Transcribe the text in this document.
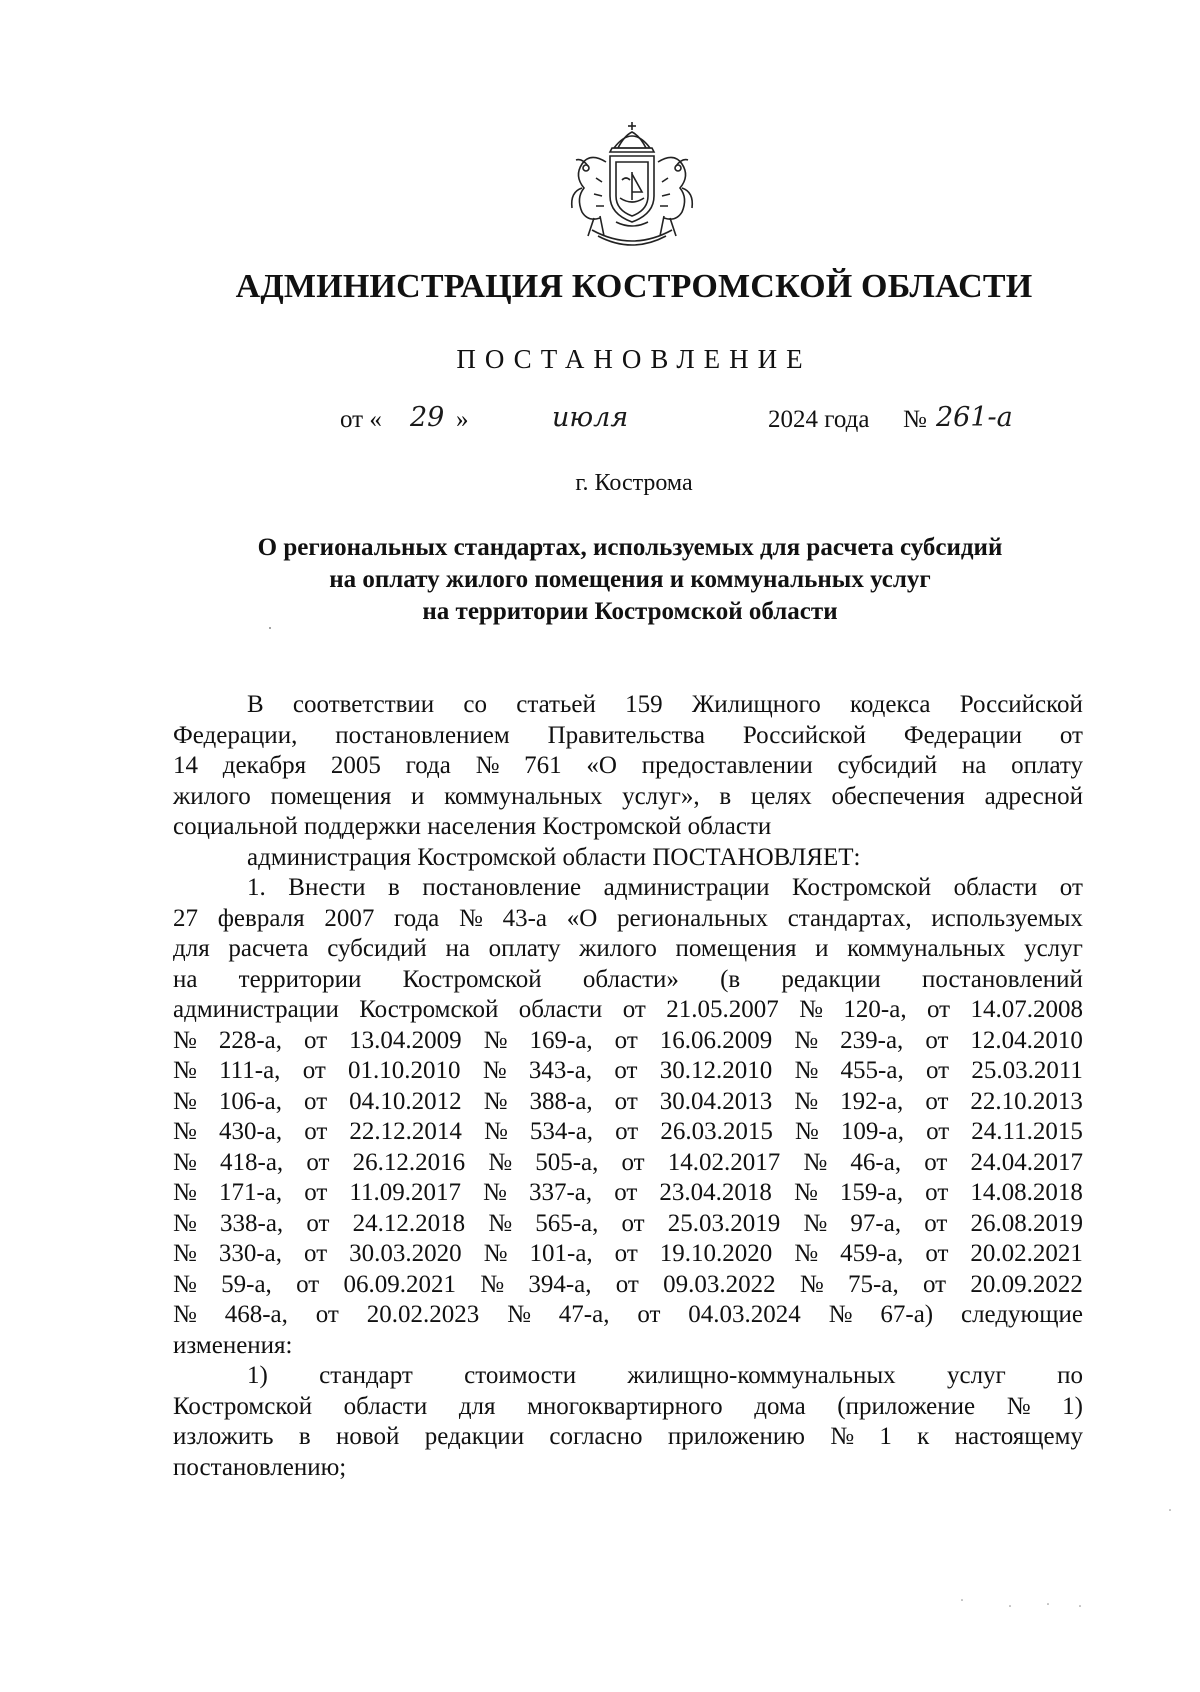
АДМИНИСТРАЦИЯ КОСТРОМСКОЙ ОБЛАСТИ
ПОСТАНОВЛЕНИЕ
от « 29 »	июля	2024 года № 261-а
г. Кострома
О региональных стандартах, используемых для расчета субсидий
на оплату жилого помещения и коммунальных услуг
на территории Костромской области
В соответствии со статьей 159 Жилищного кодекса Российской
Федерации, постановлением Правительства Российской Федерации от
14 декабря 2005 года № 761 «О предоставлении субсидий на оплату
жилого помещения и коммунальных услуг», в целях обеспечения адресной
социальной поддержки населения Костромской области
администрация Костромской области ПОСТАНОВЛЯЕТ:
1. Внести в постановление администрации Костромской области от
27 февраля 2007 года № 43-а «О региональных стандартах, используемых
для расчета субсидий на оплату жилого помещения и коммунальных услуг
на территории Костромской области» (в редакции постановлений
администрации Костромской области от 21.05.2007 № 120-а, от 14.07.2008
№ 228-а, от 13.04.2009 № 169-а, от 16.06.2009 № 239-а, от 12.04.2010
№ 111-а, от 01.10.2010 № 343-а, от 30.12.2010 № 455-а, от 25.03.2011
№ 106-а, от 04.10.2012 № 388-а, от 30.04.2013 № 192-а, от 22.10.2013
№ 430-а, от 22.12.2014 № 534-а, от 26.03.2015 № 109-а, от 24.11.2015
№ 418-а, от 26.12.2016 № 505-а, от 14.02.2017 № 46-а, от 24.04.2017
№ 171-а, от 11.09.2017 № 337-а, от 23.04.2018 № 159-а, от 14.08.2018
№ 338-а, от 24.12.2018 № 565-а, от 25.03.2019 № 97-а, от 26.08.2019
№ 330-а, от 30.03.2020 № 101-а, от 19.10.2020 № 459-а, от 20.02.2021
№ 59-а, от 06.09.2021 № 394-а, от 09.03.2022 № 75-а, от 20.09.2022
№ 468-а, от 20.02.2023 № 47-а, от 04.03.2024 № 67-а) следующие
изменения:
1) стандарт стоимости жилищно-коммунальных услуг по
Костромской области для многоквартирного дома (приложение № 1)
изложить в новой редакции согласно приложению № 1 к настоящему
постановлению;
